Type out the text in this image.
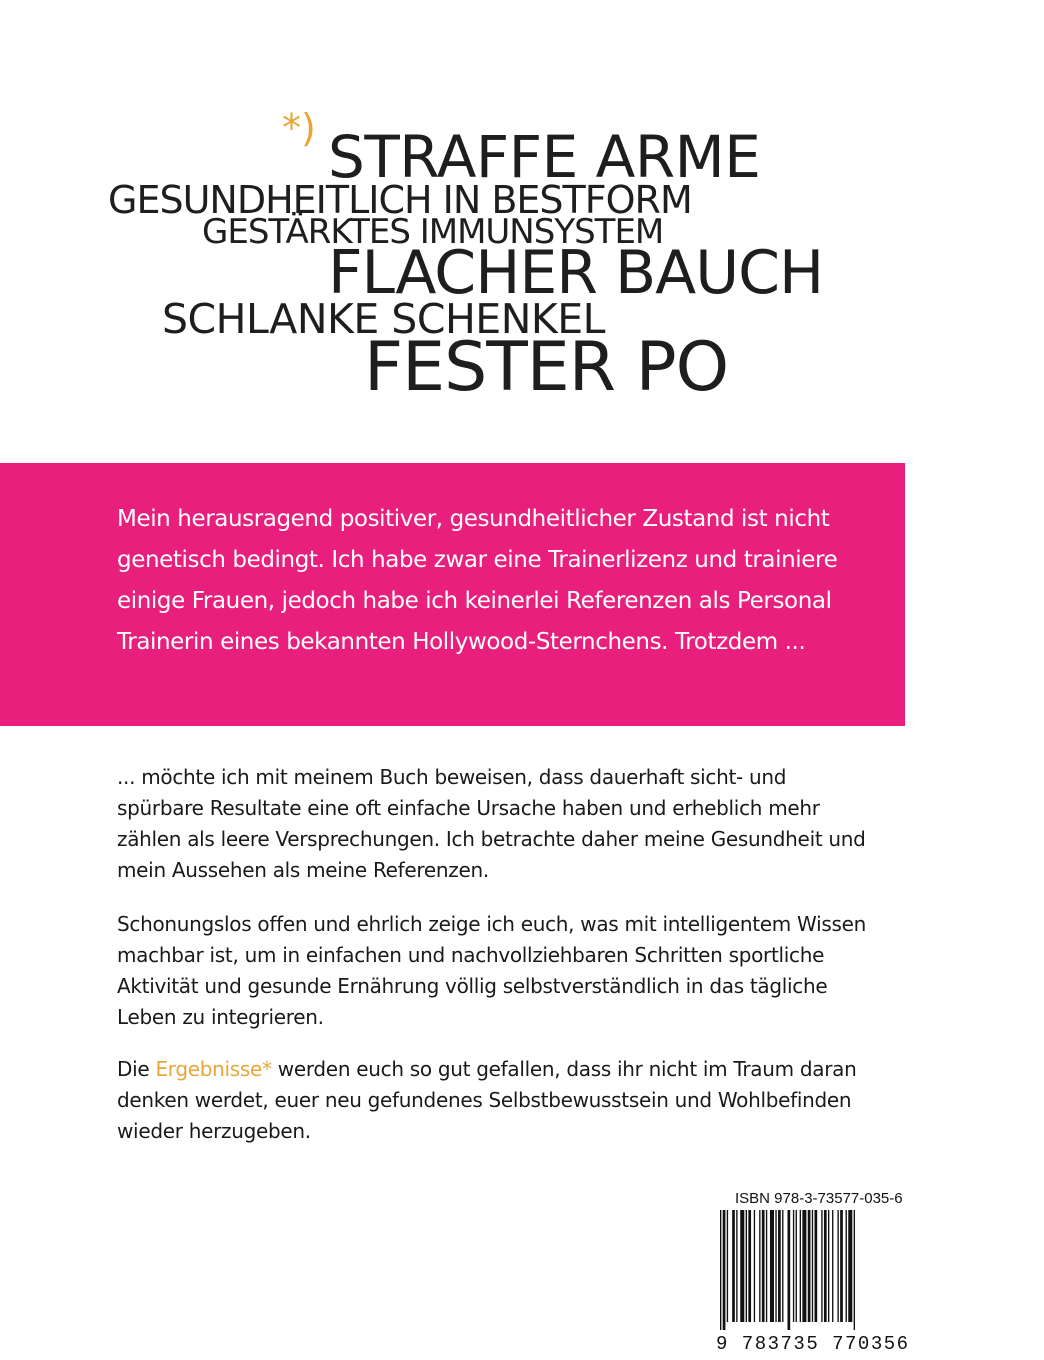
*) STRAFFE ARME
GESUNDHEITLICH IN BESTFORM
GESTÄRKTES IMMUNSYSTEM
FLACHER BAUCH
SCHLANKE SCHENKEL
FESTER PO

Mein herausragend positiver, gesundheitlicher Zustand ist nicht genetisch bedingt. Ich habe zwar eine Trainerlizenz und trainiere einige Frauen, jedoch habe ich keinerlei Referenzen als Personal Trainerin eines bekannten Hollywood-Sternchens. Trotzdem ...

... möchte ich mit meinem Buch beweisen, dass dauerhaft sicht- und spürbare Resultate eine oft einfache Ursache haben und erheblich mehr zählen als leere Versprechungen. Ich betrachte daher meine Gesundheit und mein Aussehen als meine Referenzen.

Schonungslos offen und ehrlich zeige ich euch, was mit intelligentem Wissen machbar ist, um in einfachen und nachvollziehbaren Schritten sportliche Aktivität und gesunde Ernährung völlig selbstverständlich in das tägliche Leben zu integrieren.

Die Ergebnisse* werden euch so gut gefallen, dass ihr nicht im Traum daran denken werdet, euer neu gefundenes Selbstbewusstsein und Wohlbefinden wieder herzugeben.

ISBN 978-3-73577-035-6
9 783735 770356
